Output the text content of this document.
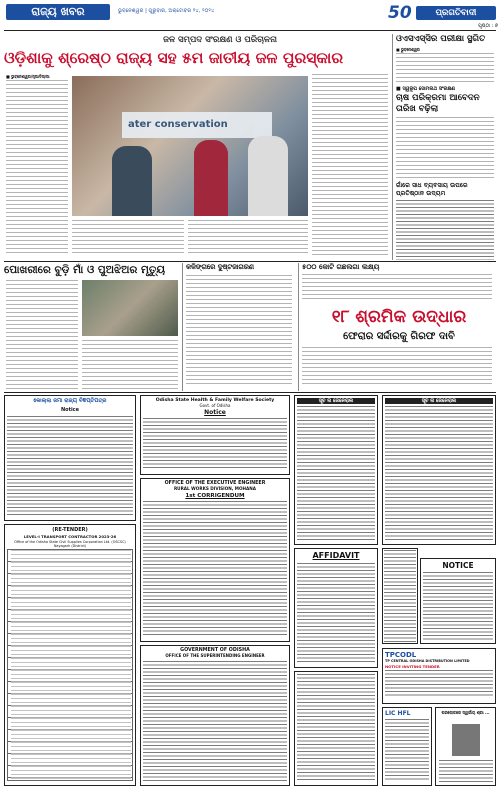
ରାଜ୍ୟ ଖବର	ଭୁବନେଶ୍ୱର | ଗୁରୁବାର, ଅକ୍ଟୋବର ୨୪, ୨୦୨୪	50	ପ୍ରଗତିବାଦୀ
ପୃଷ୍ଠା : ୭
ଜଳ ସମ୍ପଦ ସଂରକ୍ଷଣ ଓ ପରିଚାଳନା
ଓଡ଼ିଶାକୁ ଶ୍ରେଷ୍ଠ ରାଜ୍ୟ ସହ ୫ମ ଜାତୀୟ ଜଳ ପୁରସ୍କାର
■ ଭୁବନେଶ୍ୱର/ନୂଆଦିଲ୍ଲୀ
ater conservation
ଓଏସଏସ୍‌ସିର ପରୀକ୍ଷା ସ୍ଥଗିତ
■ ଭୁବନେଶ୍ୱର
■ ସ୍ୱରୂପ ସୋମନାଥ ସଂରକ୍ଷଣ
ଚାଷ ପରିକ୍ରମା ଆବେଦନ ତାରିଖ ବଢ଼ିଲା
ଗାଁରେ ସାଧ ବ୍ୟବସାୟ ଉପରେ ପ୍ରତିଷ୍ଠାନ ଉଦ୍ୟମ
ପୋଖରୀରେ ବୁଡ଼ି ମାଁ ଓ ପୁଅଝିଅର ମୃତ୍ୟୁ	କଳିଙ୍ଗରେ ଦୁଷ୍ଟଜାଗରଣ	୫୦୦ କୋଟି ଗଛଲଗା ଲକ୍ଷ୍ୟ
୧୮ ଶ୍ରମିକ ଉଦ୍ଧାର
ଫେରାର ସର୍ଦ୍ଦାରକୁ ଗିରଫ ଦାବି
କୋଲ୍‌ଲା ଜମା ରାଜ୍ୟ ବିଜ୍ଞପ୍ତିପତ୍ର
Notice
(RE-TENDER)
LEVEL-I TRANSPORT CONTRACTOR 2023-26
Office of the Odisha State Civil Supplies Corporation Ltd. (OSCSC) Nayagarh (District)
Odisha State Health & Family Welfare Society
Govt. of Odisha
Notice
OFFICE OF THE EXECUTIVE ENGINEER
RURAL WORKS DIVISION, MOHANA
1st CORRIGENDUM
GOVERNMENT OF ODISHA
OFFICE OF THE SUPERINTENDING ENGINEER
ସୂଚ ନା ଜେନେରାଲ
AFFIDAVIT
ସୂଚ ନା ଜେନେରାଲ
NOTICE
TPCODL
TP CENTRAL ODISHA DISTRIBUTION LIMITED
NOTICE INVITING TENDER
LIC HFL	ପରଲୋକରେ ସ୍ୱର୍ଗୀୟ ଶ୍ରୀ ...
